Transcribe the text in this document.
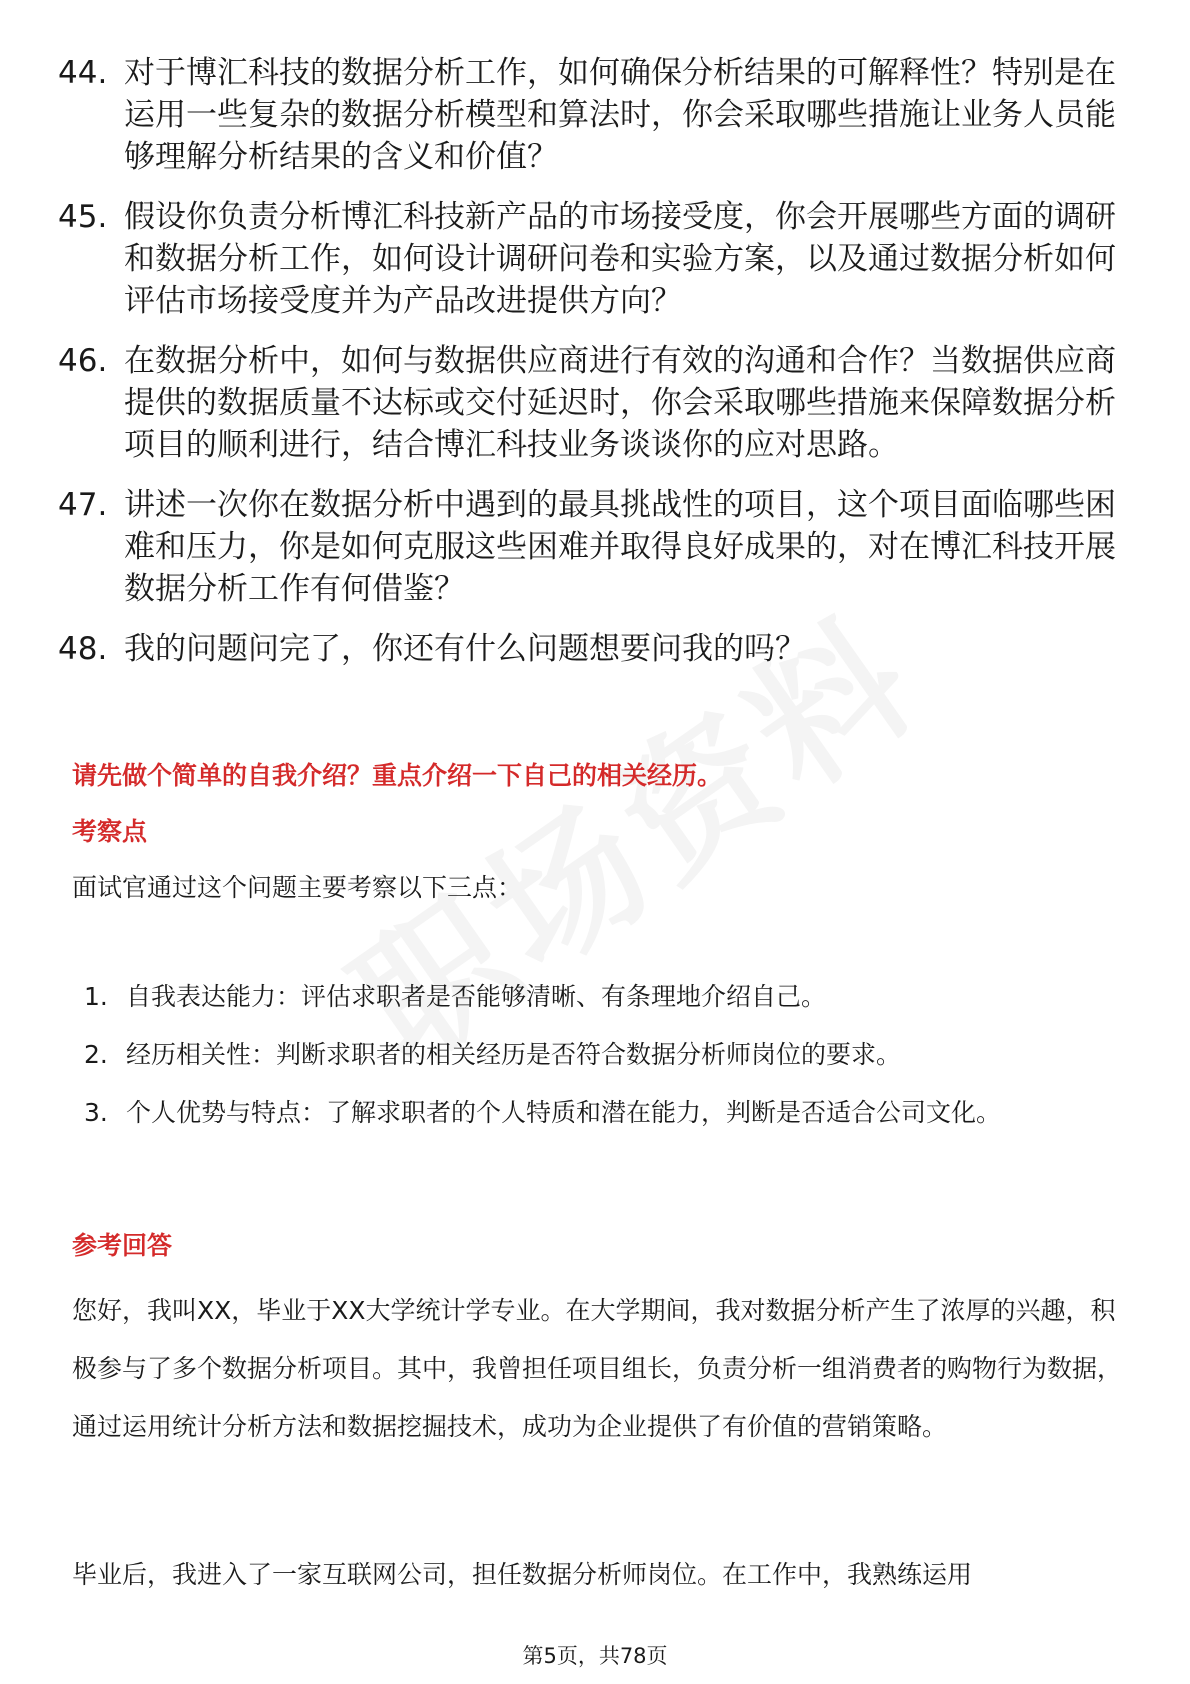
44. 对于博汇科技的数据分析工作，如何确保分析结果的可解释性？特别是在运用一些复杂的数据分析模型和算法时，你会采取哪些措施让业务人员能够理解分析结果的含义和价值？
45. 假设你负责分析博汇科技新产品的市场接受度，你会开展哪些方面的调研和数据分析工作，如何设计调研问卷和实验方案，以及通过数据分析如何评估市场接受度并为产品改进提供方向？
46. 在数据分析中，如何与数据供应商进行有效的沟通和合作？当数据供应商提供的数据质量不达标或交付延迟时，你会采取哪些措施来保障数据分析项目的顺利进行，结合博汇科技业务谈谈你的应对思路。
47. 讲述一次你在数据分析中遇到的最具挑战性的项目，这个项目面临哪些困难和压力，你是如何克服这些困难并取得良好成果的，对在博汇科技开展数据分析工作有何借鉴？
48. 我的问题问完了，你还有什么问题想要问我的吗？
请先做个简单的自我介绍？重点介绍一下自己的相关经历。
考察点
面试官通过这个问题主要考察以下三点：
1. 自我表达能力：评估求职者是否能够清晰、有条理地介绍自己。
2. 经历相关性：判断求职者的相关经历是否符合数据分析师岗位的要求。
3. 个人优势与特点：了解求职者的个人特质和潜在能力，判断是否适合公司文化。
参考回答
您好，我叫XX，毕业于XX大学统计学专业。在大学期间，我对数据分析产生了浓厚的兴趣，积极参与了多个数据分析项目。其中，我曾担任项目组长，负责分析一组消费者的购物行为数据，通过运用统计分析方法和数据挖掘技术，成功为企业提供了有价值的营销策略。
毕业后，我进入了一家互联网公司，担任数据分析师岗位。在工作中，我熟练运用
第5页，共78页
